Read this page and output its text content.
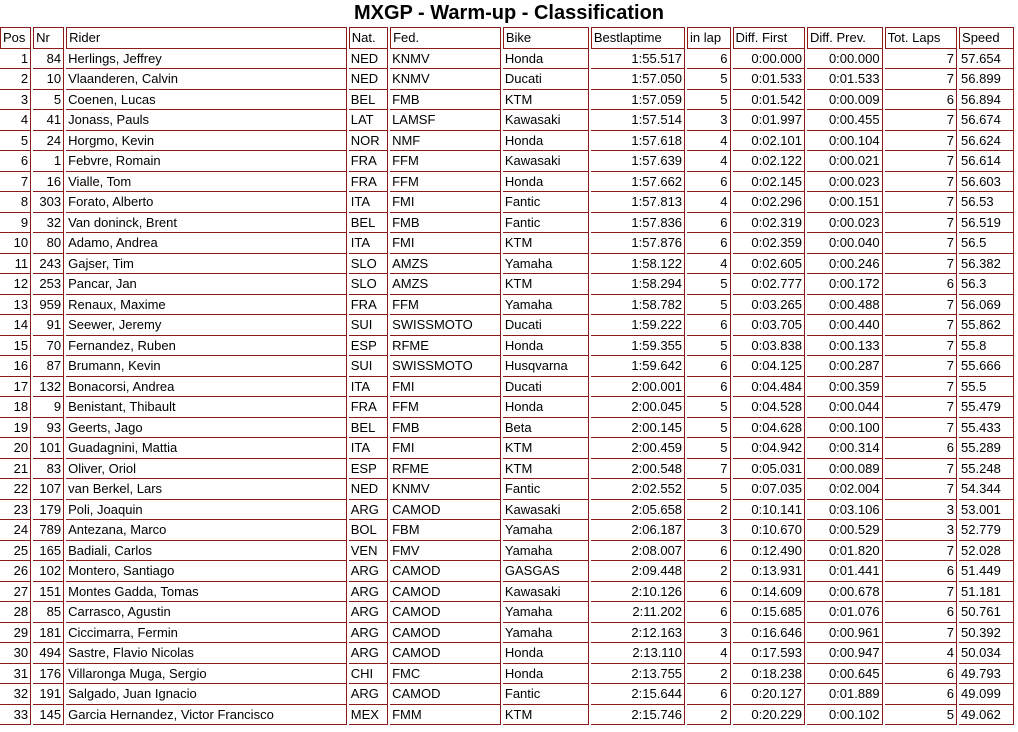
MXGP - Warm-up - Classification
Pos	Nr	Rider	Nat.	Fed.	Bike	Bestlaptime	in lap	Diff. First	Diff. Prev.	Tot. Laps	Speed
1	84	Herlings, Jeffrey	NED	KNMV	Honda	1:55.517	6	0:00.000	0:00.000	7	57.654
2	10	Vlaanderen, Calvin	NED	KNMV	Ducati	1:57.050	5	0:01.533	0:01.533	7	56.899
3	5	Coenen, Lucas	BEL	FMB	KTM	1:57.059	5	0:01.542	0:00.009	6	56.894
4	41	Jonass, Pauls	LAT	LAMSF	Kawasaki	1:57.514	3	0:01.997	0:00.455	7	56.674
5	24	Horgmo, Kevin	NOR	NMF	Honda	1:57.618	4	0:02.101	0:00.104	7	56.624
6	1	Febvre, Romain	FRA	FFM	Kawasaki	1:57.639	4	0:02.122	0:00.021	7	56.614
7	16	Vialle, Tom	FRA	FFM	Honda	1:57.662	6	0:02.145	0:00.023	7	56.603
8	303	Forato, Alberto	ITA	FMI	Fantic	1:57.813	4	0:02.296	0:00.151	7	56.53
9	32	Van doninck, Brent	BEL	FMB	Fantic	1:57.836	6	0:02.319	0:00.023	7	56.519
10	80	Adamo, Andrea	ITA	FMI	KTM	1:57.876	6	0:02.359	0:00.040	7	56.5
11	243	Gajser, Tim	SLO	AMZS	Yamaha	1:58.122	4	0:02.605	0:00.246	7	56.382
12	253	Pancar, Jan	SLO	AMZS	KTM	1:58.294	5	0:02.777	0:00.172	6	56.3
13	959	Renaux, Maxime	FRA	FFM	Yamaha	1:58.782	5	0:03.265	0:00.488	7	56.069
14	91	Seewer, Jeremy	SUI	SWISSMOTO	Ducati	1:59.222	6	0:03.705	0:00.440	7	55.862
15	70	Fernandez, Ruben	ESP	RFME	Honda	1:59.355	5	0:03.838	0:00.133	7	55.8
16	87	Brumann, Kevin	SUI	SWISSMOTO	Husqvarna	1:59.642	6	0:04.125	0:00.287	7	55.666
17	132	Bonacorsi, Andrea	ITA	FMI	Ducati	2:00.001	6	0:04.484	0:00.359	7	55.5
18	9	Benistant, Thibault	FRA	FFM	Honda	2:00.045	5	0:04.528	0:00.044	7	55.479
19	93	Geerts, Jago	BEL	FMB	Beta	2:00.145	5	0:04.628	0:00.100	7	55.433
20	101	Guadagnini, Mattia	ITA	FMI	KTM	2:00.459	5	0:04.942	0:00.314	6	55.289
21	83	Oliver, Oriol	ESP	RFME	KTM	2:00.548	7	0:05.031	0:00.089	7	55.248
22	107	van Berkel, Lars	NED	KNMV	Fantic	2:02.552	5	0:07.035	0:02.004	7	54.344
23	179	Poli, Joaquin	ARG	CAMOD	Kawasaki	2:05.658	2	0:10.141	0:03.106	3	53.001
24	789	Antezana, Marco	BOL	FBM	Yamaha	2:06.187	3	0:10.670	0:00.529	3	52.779
25	165	Badiali, Carlos	VEN	FMV	Yamaha	2:08.007	6	0:12.490	0:01.820	7	52.028
26	102	Montero, Santiago	ARG	CAMOD	GASGAS	2:09.448	2	0:13.931	0:01.441	6	51.449
27	151	Montes Gadda, Tomas	ARG	CAMOD	Kawasaki	2:10.126	6	0:14.609	0:00.678	7	51.181
28	85	Carrasco, Agustin	ARG	CAMOD	Yamaha	2:11.202	6	0:15.685	0:01.076	6	50.761
29	181	Ciccimarra, Fermin	ARG	CAMOD	Yamaha	2:12.163	3	0:16.646	0:00.961	7	50.392
30	494	Sastre, Flavio Nicolas	ARG	CAMOD	Honda	2:13.110	4	0:17.593	0:00.947	4	50.034
31	176	Villaronga Muga, Sergio	CHI	FMC	Honda	2:13.755	2	0:18.238	0:00.645	6	49.793
32	191	Salgado, Juan Ignacio	ARG	CAMOD	Fantic	2:15.644	6	0:20.127	0:01.889	6	49.099
33	145	Garcia Hernandez, Victor Francisco	MEX	FMM	KTM	2:15.746	2	0:20.229	0:00.102	5	49.062
